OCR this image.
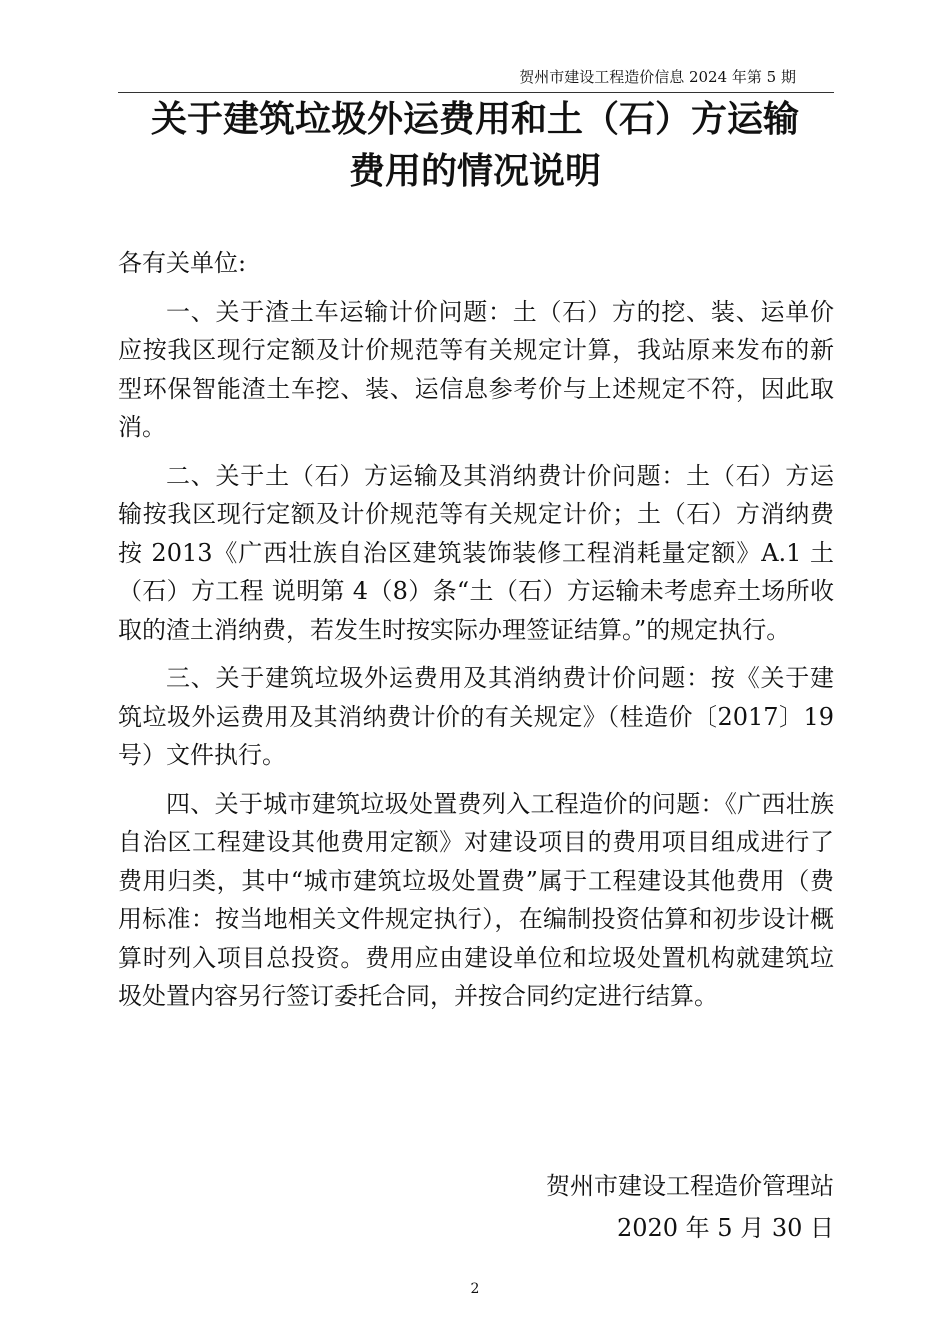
贺州市建设工程造价信息 2024 年第 5 期
关于建筑垃圾外运费用和土（石）方运输
费用的情况说明

各有关单位:

一、关于渣土车运输计价问题：土（石）方的挖、装、运单价应按我区现行定额及计价规范等有关规定计算，我站原来发布的新型环保智能渣土车挖、装、运信息参考价与上述规定不符，因此取消。

二、关于土（石）方运输及其消纳费计价问题：土（石）方运输按我区现行定额及计价规范等有关规定计价；土（石）方消纳费按 2013《广西壮族自治区建筑装饰装修工程消耗量定额》A.1 土（石）方工程 说明第 4（8）条“土（石）方运输未考虑弃土场所收取的渣土消纳费，若发生时按实际办理签证结算。”的规定执行。

三、关于建筑垃圾外运费用及其消纳费计价问题：按《关于建筑垃圾外运费用及其消纳费计价的有关规定》（桂造价〔2017〕19 号）文件执行。

四、关于城市建筑垃圾处置费列入工程造价的问题：《广西壮族自治区工程建设其他费用定额》对建设项目的费用项目组成进行了费用归类，其中“城市建筑垃圾处置费”属于工程建设其他费用（费用标准：按当地相关文件规定执行），在编制投资估算和初步设计概算时列入项目总投资。费用应由建设单位和垃圾处置机构就建筑垃圾处置内容另行签订委托合同，并按合同约定进行结算。

贺州市建设工程造价管理站
2020 年 5 月 30 日
2
